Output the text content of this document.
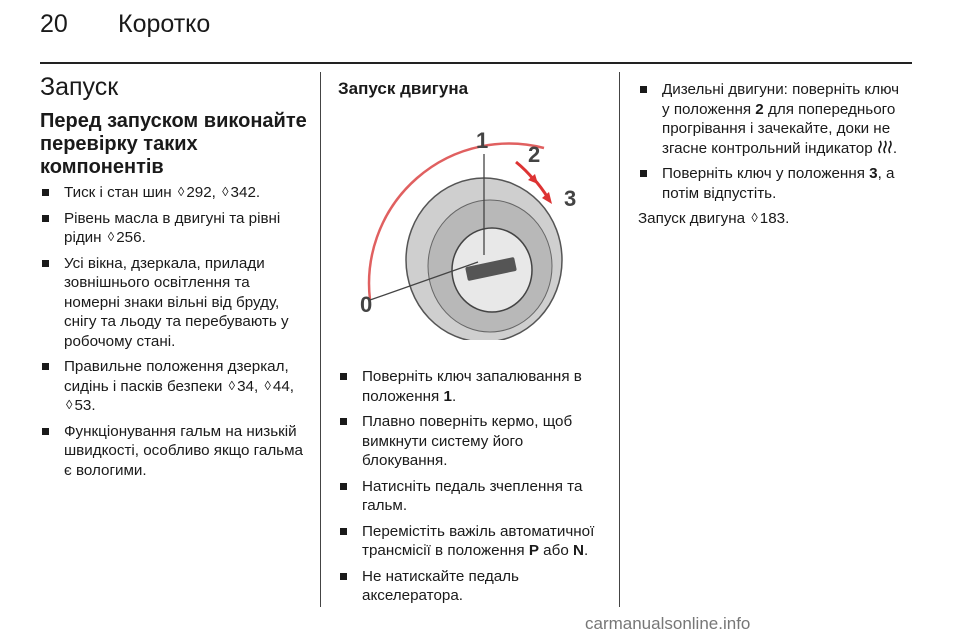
20	Коротко
Запуск
Перед запуском виконайте
перевірку таких компонентів
Тиск і стан шин ◊ 292, ◊ 342.
Рівень масла в двигуні та рівні рідин ◊ 256.
Усі вікна, дзеркала, прилади зовнішнього освітлення та номерні знаки вільні від бруду, снігу та льоду та перебувають у робочому стані.
Правильне положення дзеркал, сидінь і пасків безпеки ◊ 34, ◊ 44, ◊ 53.
Функціонування гальм на низькій швидкості, особливо якщо гальма є вологими.
Запуск двигуна
0
1
2
3
Поверніть ключ запалювання в положення 1.
Плавно поверніть кермо, щоб вимкнути систему його блокування.
Натисніть педаль зчеплення та гальм.
Перемістіть важіль автоматичної трансмісії в положення P або N.
Не натискайте педаль акселератора.
Дизельні двигуни: поверніть ключ у положення 2 для попереднього прогрівання і зачекайте, доки не згасне контрольний індикатор .
Поверніть ключ у положення 3, а потім відпустіть.

Запуск двигуна ◊ 183.

carmanualsonline.info
